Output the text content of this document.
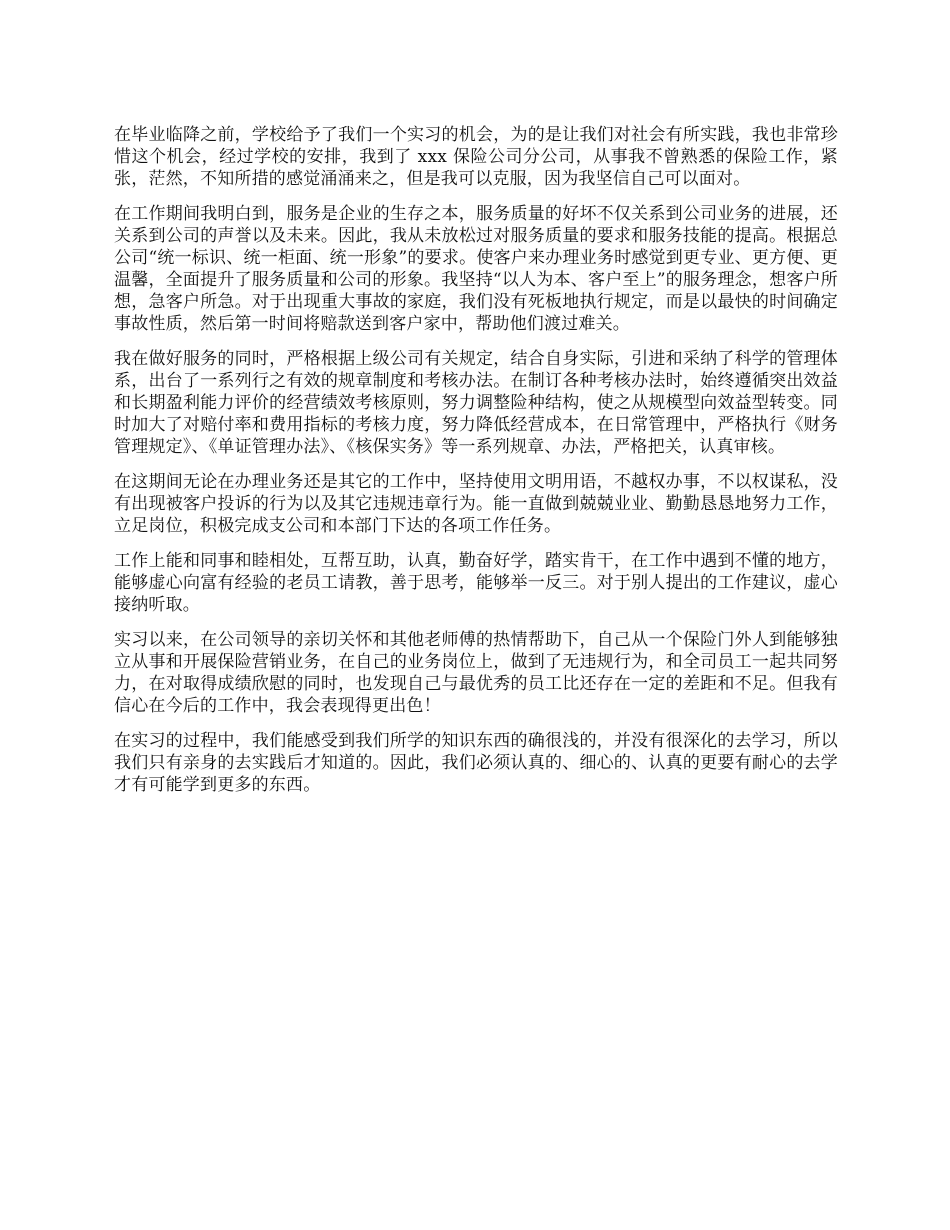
在毕业临降之前，学校给予了我们一个实习的机会，为的是让我们对社会有所实践，我也非常珍惜这个机会，经过学校的安排，我到了 xxx 保险公司分公司，从事我不曾熟悉的保险工作，紧张，茫然，不知所措的感觉涌涌来之，但是我可以克服，因为我坚信自己可以面对。

在工作期间我明白到，服务是企业的生存之本，服务质量的好坏不仅关系到公司业务的进展，还关系到公司的声誉以及未来。因此，我从未放松过对服务质量的要求和服务技能的提高。根据总公司“统一标识、统一柜面、统一形象”的要求。使客户来办理业务时感觉到更专业、更方便、更温馨，全面提升了服务质量和公司的形象。我坚持“以人为本、客户至上”的服务理念，想客户所想，急客户所急。对于出现重大事故的家庭，我们没有死板地执行规定，而是以最快的时间确定事故性质，然后第一时间将赔款送到客户家中，帮助他们渡过难关。

我在做好服务的同时，严格根据上级公司有关规定，结合自身实际，引进和采纳了科学的管理体系，出台了一系列行之有效的规章制度和考核办法。在制订各种考核办法时，始终遵循突出效益和长期盈利能力评价的经营绩效考核原则，努力调整险种结构，使之从规模型向效益型转变。同时加大了对赔付率和费用指标的考核力度，努力降低经营成本，在日常管理中，严格执行《财务管理规定》、《单证管理办法》、《核保实务》等一系列规章、办法，严格把关，认真审核。

在这期间无论在办理业务还是其它的工作中，坚持使用文明用语，不越权办事，不以权谋私，没有出现被客户投诉的行为以及其它违规违章行为。能一直做到兢兢业业、勤勤恳恳地努力工作，立足岗位，积极完成支公司和本部门下达的各项工作任务。

工作上能和同事和睦相处，互帮互助，认真，勤奋好学，踏实肯干，在工作中遇到不懂的地方，能够虚心向富有经验的老员工请教，善于思考，能够举一反三。对于别人提出的工作建议，虚心接纳听取。

实习以来，在公司领导的亲切关怀和其他老师傅的热情帮助下，自己从一个保险门外人到能够独立从事和开展保险营销业务，在自己的业务岗位上，做到了无违规行为，和全司员工一起共同努力，在对取得成绩欣慰的同时，也发现自己与最优秀的员工比还存在一定的差距和不足。但我有信心在今后的工作中，我会表现得更出色！

在实习的过程中，我们能感受到我们所学的知识东西的确很浅的，并没有很深化的去学习，所以我们只有亲身的去实践后才知道的。因此，我们必须认真的、细心的、认真的更要有耐心的去学才有可能学到更多的东西。
